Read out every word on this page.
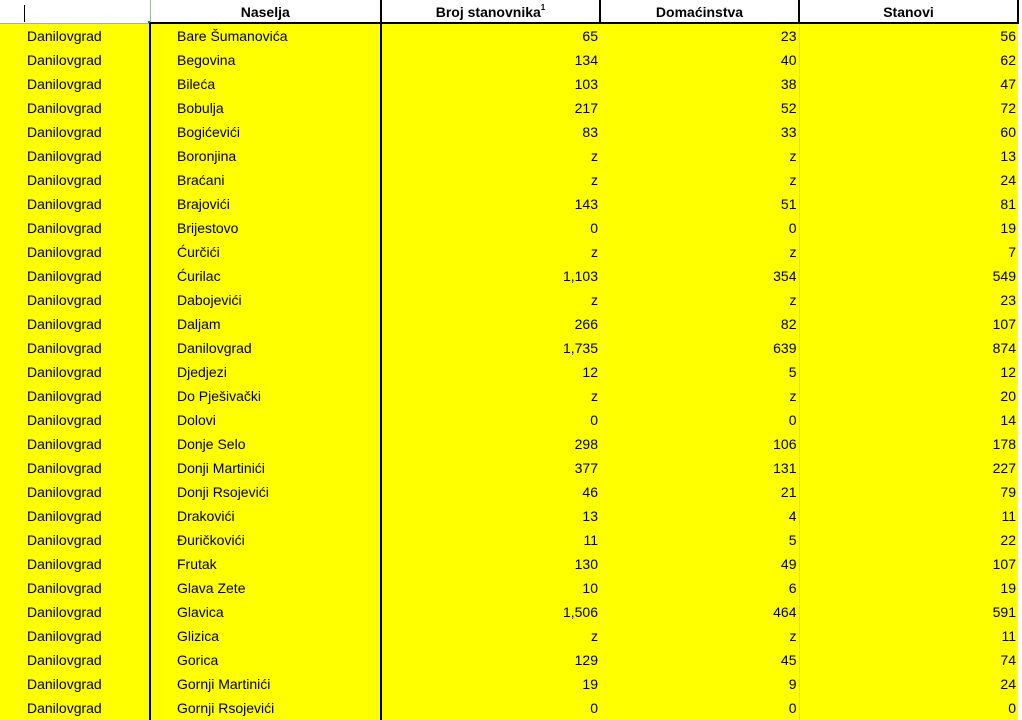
	Naselja	Broj stanovnika$^1$	Domaćinstva	Stanovi
Danilovgrad	Bare Šumanovića	65	23	56
Danilovgrad	Begovina	134	40	62
Danilovgrad	Bileća	103	38	47
Danilovgrad	Bobulja	217	52	72
Danilovgrad	Bogićevići	83	33	60
Danilovgrad	Boronjina	z	z	13
Danilovgrad	Braćani	z	z	24
Danilovgrad	Brajovići	143	51	81
Danilovgrad	Brijestovo	0	0	19
Danilovgrad	Ćurčići	z	z	7
Danilovgrad	Ćurilac	1,103	354	549
Danilovgrad	Dabojevići	z	z	23
Danilovgrad	Daljam	266	82	107
Danilovgrad	Danilovgrad	1,735	639	874
Danilovgrad	Djedjezi	12	5	12
Danilovgrad	Do Pješivački	z	z	20
Danilovgrad	Dolovi	0	0	14
Danilovgrad	Donje Selo	298	106	178
Danilovgrad	Donji Martinići	377	131	227
Danilovgrad	Donji Rsojevići	46	21	79
Danilovgrad	Drakovići	13	4	11
Danilovgrad	Đuričkovići	11	5	22
Danilovgrad	Frutak	130	49	107
Danilovgrad	Glava Zete	10	6	19
Danilovgrad	Glavica	1,506	464	591
Danilovgrad	Glizica	z	z	11
Danilovgrad	Gorica	129	45	74
Danilovgrad	Gornji Martinići	19	9	24
Danilovgrad	Gornji Rsojevići	0	0	0
